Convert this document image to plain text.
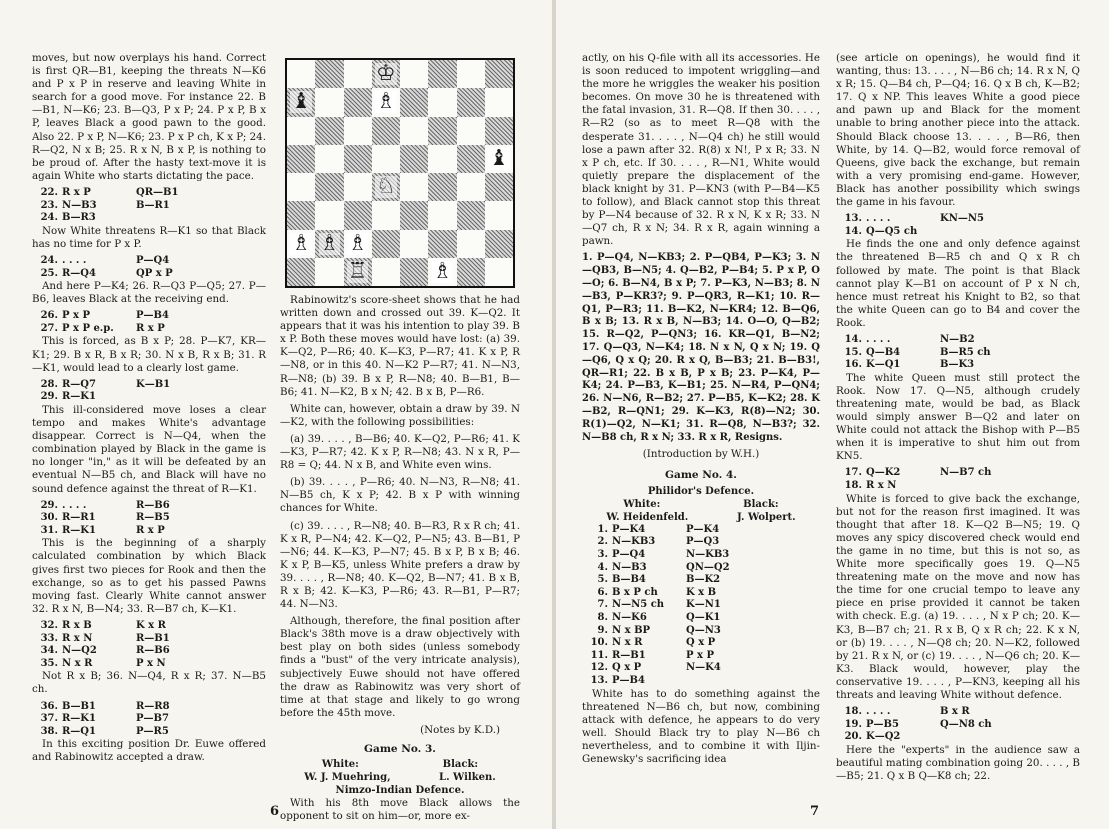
moves, but now overplays his hand. Correct is first QR—B1, keeping the threats N—K6 and P x P in reserve and leaving White in search for a good move. For instance 22. B—B1, N—K6; 23. B—Q3, P x P; 24. P x P, B x P, leaves Black a good pawn to the good. Also 22. P x P, N—K6; 23. P x P ch, K x P; 24. R—Q2, N x B; 25. R x N, B x P, is nothing to be proud of. After the hasty text-move it is again White who starts dictating the pace.

22. R x P	QR—B1
23. N—B3	B—R1
24. B—R3

Now White threatens R—K1 so that Black has no time for P x P.

24. . . . .	P—Q4
25. R—Q4	QP x P

And here P—K4; 26. R—Q3 P—Q5; 27. P—B6, leaves Black at the receiving end.

26. P x P	P—B4
27. P x P e.p.	R x P

This is forced, as B x P; 28. P—K7, KR—K1; 29. B x R, B x R; 30. N x B, R x B; 31. R—K1, would lead to a clearly lost game.

28. R—Q7	K—B1
29. R—K1

This ill-considered move loses a clear tempo and makes White's advantage disappear. Correct is N—Q4, when the combination played by Black in the game is no longer "in," as it will be defeated by an eventual N—B5 ch, and Black will have no sound defence against the threat of R—K1.

29. . . . .	R—B6
30. R—R1	R—B5
31. R—K1	R x P

This is the beginning of a sharply calculated combination by which Black gives first two pieces for Rook and then the exchange, so as to get his passed Pawns moving fast. Clearly White cannot answer 32. R x N, B—N4; 33. R—B7 ch, K—K1.

32. R x B	K x R
33. R x N	R—B1
34. N—Q2	R—B6
35. N x R	P x N

Not R x B; 36. N—Q4, R x R; 37. N—B5 ch.

36. B—B1	R—R8
37. R—K1	P—B7
38. R—Q1	P—R5

In this exciting position Dr. Euwe offered and Rabinowitz accepted a draw.

♔
♝	♗
♝
♘
♗ ♗ ♗
♖	♗

Rabinowitz's score-sheet shows that he had written down and crossed out 39. K—Q2. It appears that it was his intention to play 39. B x P. Both these moves would have lost: (a) 39. K—Q2, P—R6; 40. K—K3, P—R7; 41. K x P, R—N8, or in this 40. N—K2 P—R7; 41. N—N3, R—N8; (b) 39. B x P, R—N8; 40. B—B1, B—B6; 41. N—K2, B x N; 42. B x B, P—R6.

White can, however, obtain a draw by 39. N—K2, with the following possibilities:

(a) 39. . . . , B—B6; 40. K—Q2, P—R6; 41. K—K3, P—R7; 42. K x P, R—N8; 43. N x R, P—R8 = Q; 44. N x B, and White even wins.

(b) 39. . . . , P—R6; 40. N—N3, R—N8; 41. N—B5 ch, K x P; 42. B x P with winning chances for White.

(c) 39. . . . , R—N8; 40. B—R3, R x R ch; 41. K x R, P—N4; 42. K—Q2, P—N5; 43. B—B1, P—N6; 44. K—K3, P—N7; 45. B x P, B x B; 46. K x P, B—K5, unless White prefers a draw by 39. . . . , R—N8; 40. K—Q2, B—N7; 41. B x B, R x B; 42. K—K3, P—R6; 43. R—B1, P—R7; 44. N—N3.

Although, therefore, the final position after Black's 38th move is a draw objectively with best play on both sides (unless somebody finds a "bust" of the very intricate analysis), subjectively Euwe should not have offered the draw as Rabinowitz was very short of time at that stage and likely to go wrong before the 45th move.

(Notes by K.D.)
Game No. 3.
White:	Black:
W. J. Muehring,	L. Wilken.
Nimzo-Indian Defence.

With his 8th move Black allows the opponent to sit on him—or, more ex-

6

actly, on his Q-file with all its accessories. He is soon reduced to impotent wriggling—and the more he wriggles the weaker his position becomes. On move 30 he is threatened with the fatal invasion, 31. R—Q8. If then 30. . . . , R—R2 (so as to meet R—Q8 with the desperate 31. . . . , N—Q4 ch) he still would lose a pawn after 32. R(8) x N!, P x R; 33. N x P ch, etc. If 30. . . . , R—N1, White would quietly prepare the displacement of the black knight by 31. P—KN3 (with P—B4—K5 to follow), and Black cannot stop this threat by P—N4 because of 32. R x N, K x R; 33. N—Q7 ch, R x N; 34. R x R, again winning a pawn.

1. P—Q4, N—KB3; 2. P—QB4, P—K3; 3. N—QB3, B—N5; 4. Q—B2, P—B4; 5. P x P, O—O; 6. B—N4, B x P; 7. P—K3, N—B3; 8. N—B3, P—KR3?; 9. P—QR3, R—K1; 10. R—Q1, P—R3; 11. B—K2, N—KR4; 12. B—Q6, B x B; 13. R x B, N—B3; 14. O—O, Q—B2; 15. R—Q2, P—QN3; 16. KR—Q1, B—N2; 17. Q—Q3, N—K4; 18. N x N, Q x N; 19. Q—Q6, Q x Q; 20. R x Q, B—B3; 21. B—B3!, QR—R1; 22. B x B, P x B; 23. P—K4, P—K4; 24. P—B3, K—B1; 25. N—R4, P—QN4; 26. N—N6, R—B2; 27. P—B5, K—K2; 28. K—B2, R—QN1; 29. K—K3, R(8)—N2; 30. R(1)—Q2, N—K1; 31. R—Q8, N—B3?; 32. N—B8 ch, R x N; 33. R x R, Resigns.

(Introduction by W.H.)
Game No. 4.
Philidor's Defence.
White:	Black:
W. Heidenfeld.	J. Wolpert.
1. P—K4	P—K4
2. N—KB3	P—Q3
3. P—Q4	N—KB3
4. N—B3	QN—Q2
5. B—B4	B—K2
6. B x P ch	K x B
7. N—N5 ch	K—N1
8. N—K6	Q—K1
9. N x BP	Q—N3
10. N x R	Q x P
11. R—B1	P x P
12. Q x P	N—K4
13. P—B4

White has to do something against the threatened N—B6 ch, but now, combining attack with defence, he appears to do very well. Should Black try to play N—B6 ch nevertheless, and to combine it with Iljin-Genewsky's sacrificing idea

(see article on openings), he would find it wanting, thus: 13. . . . , N—B6 ch; 14. R x N, Q x R; 15. Q—B4 ch, P—Q4; 16. Q x B ch, K—B2; 17. Q x NP. This leaves White a good piece and pawn up and Black for the moment unable to bring another piece into the attack. Should Black choose 13. . . . , B—R6, then White, by 14. Q—B2, would force removal of Queens, give back the exchange, but remain with a very promising end-game. However, Black has another possibility which swings the game in his favour.

13. . . . .	KN—N5
14. Q—Q5 ch

He finds the one and only defence against the threatened B—R5 ch and Q x R ch followed by mate. The point is that Black cannot play K—B1 on account of P x N ch, hence must retreat his Knight to B2, so that the white Queen can go to B4 and cover the Rook.

14. . . . .	N—B2
15. Q—B4	B—R5 ch
16. K—Q1	B—K3

The white Queen must still protect the Rook. Now 17. Q—N5, although crudely threatening mate, would be bad, as Black would simply answer B—Q2 and later on White could not attack the Bishop with P—B5 when it is imperative to shut him out from KN5.

17. Q—K2	N—B7 ch
18. R x N

White is forced to give back the exchange, but not for the reason first imagined. It was thought that after 18. K—Q2 B—N5; 19. Q moves any spicy discovered check would end the game in no time, but this is not so, as White more specifically goes 19. Q—N5 threatening mate on the move and now has the time for one crucial tempo to leave any piece en prise provided it cannot be taken with check. E.g. (a) 19. . . . , N x P ch; 20. K—K3, B—B7 ch; 21. R x B, Q x R ch; 22. K x N, or (b) 19. . . . , N—Q8 ch; 20. N—K2, followed by 21. R x N, or (c) 19. . . . , N—Q6 ch; 20. K—K3. Black would, however, play the conservative 19. . . . , P—KN3, keeping all his threats and leaving White without defence.

18. . . . .	B x R
19. P—B5	Q—N8 ch
20. K—Q2

Here the "experts" in the audience saw a beautiful mating combination going 20. . . . , B—B5; 21. Q x B Q—K8 ch; 22.

7
